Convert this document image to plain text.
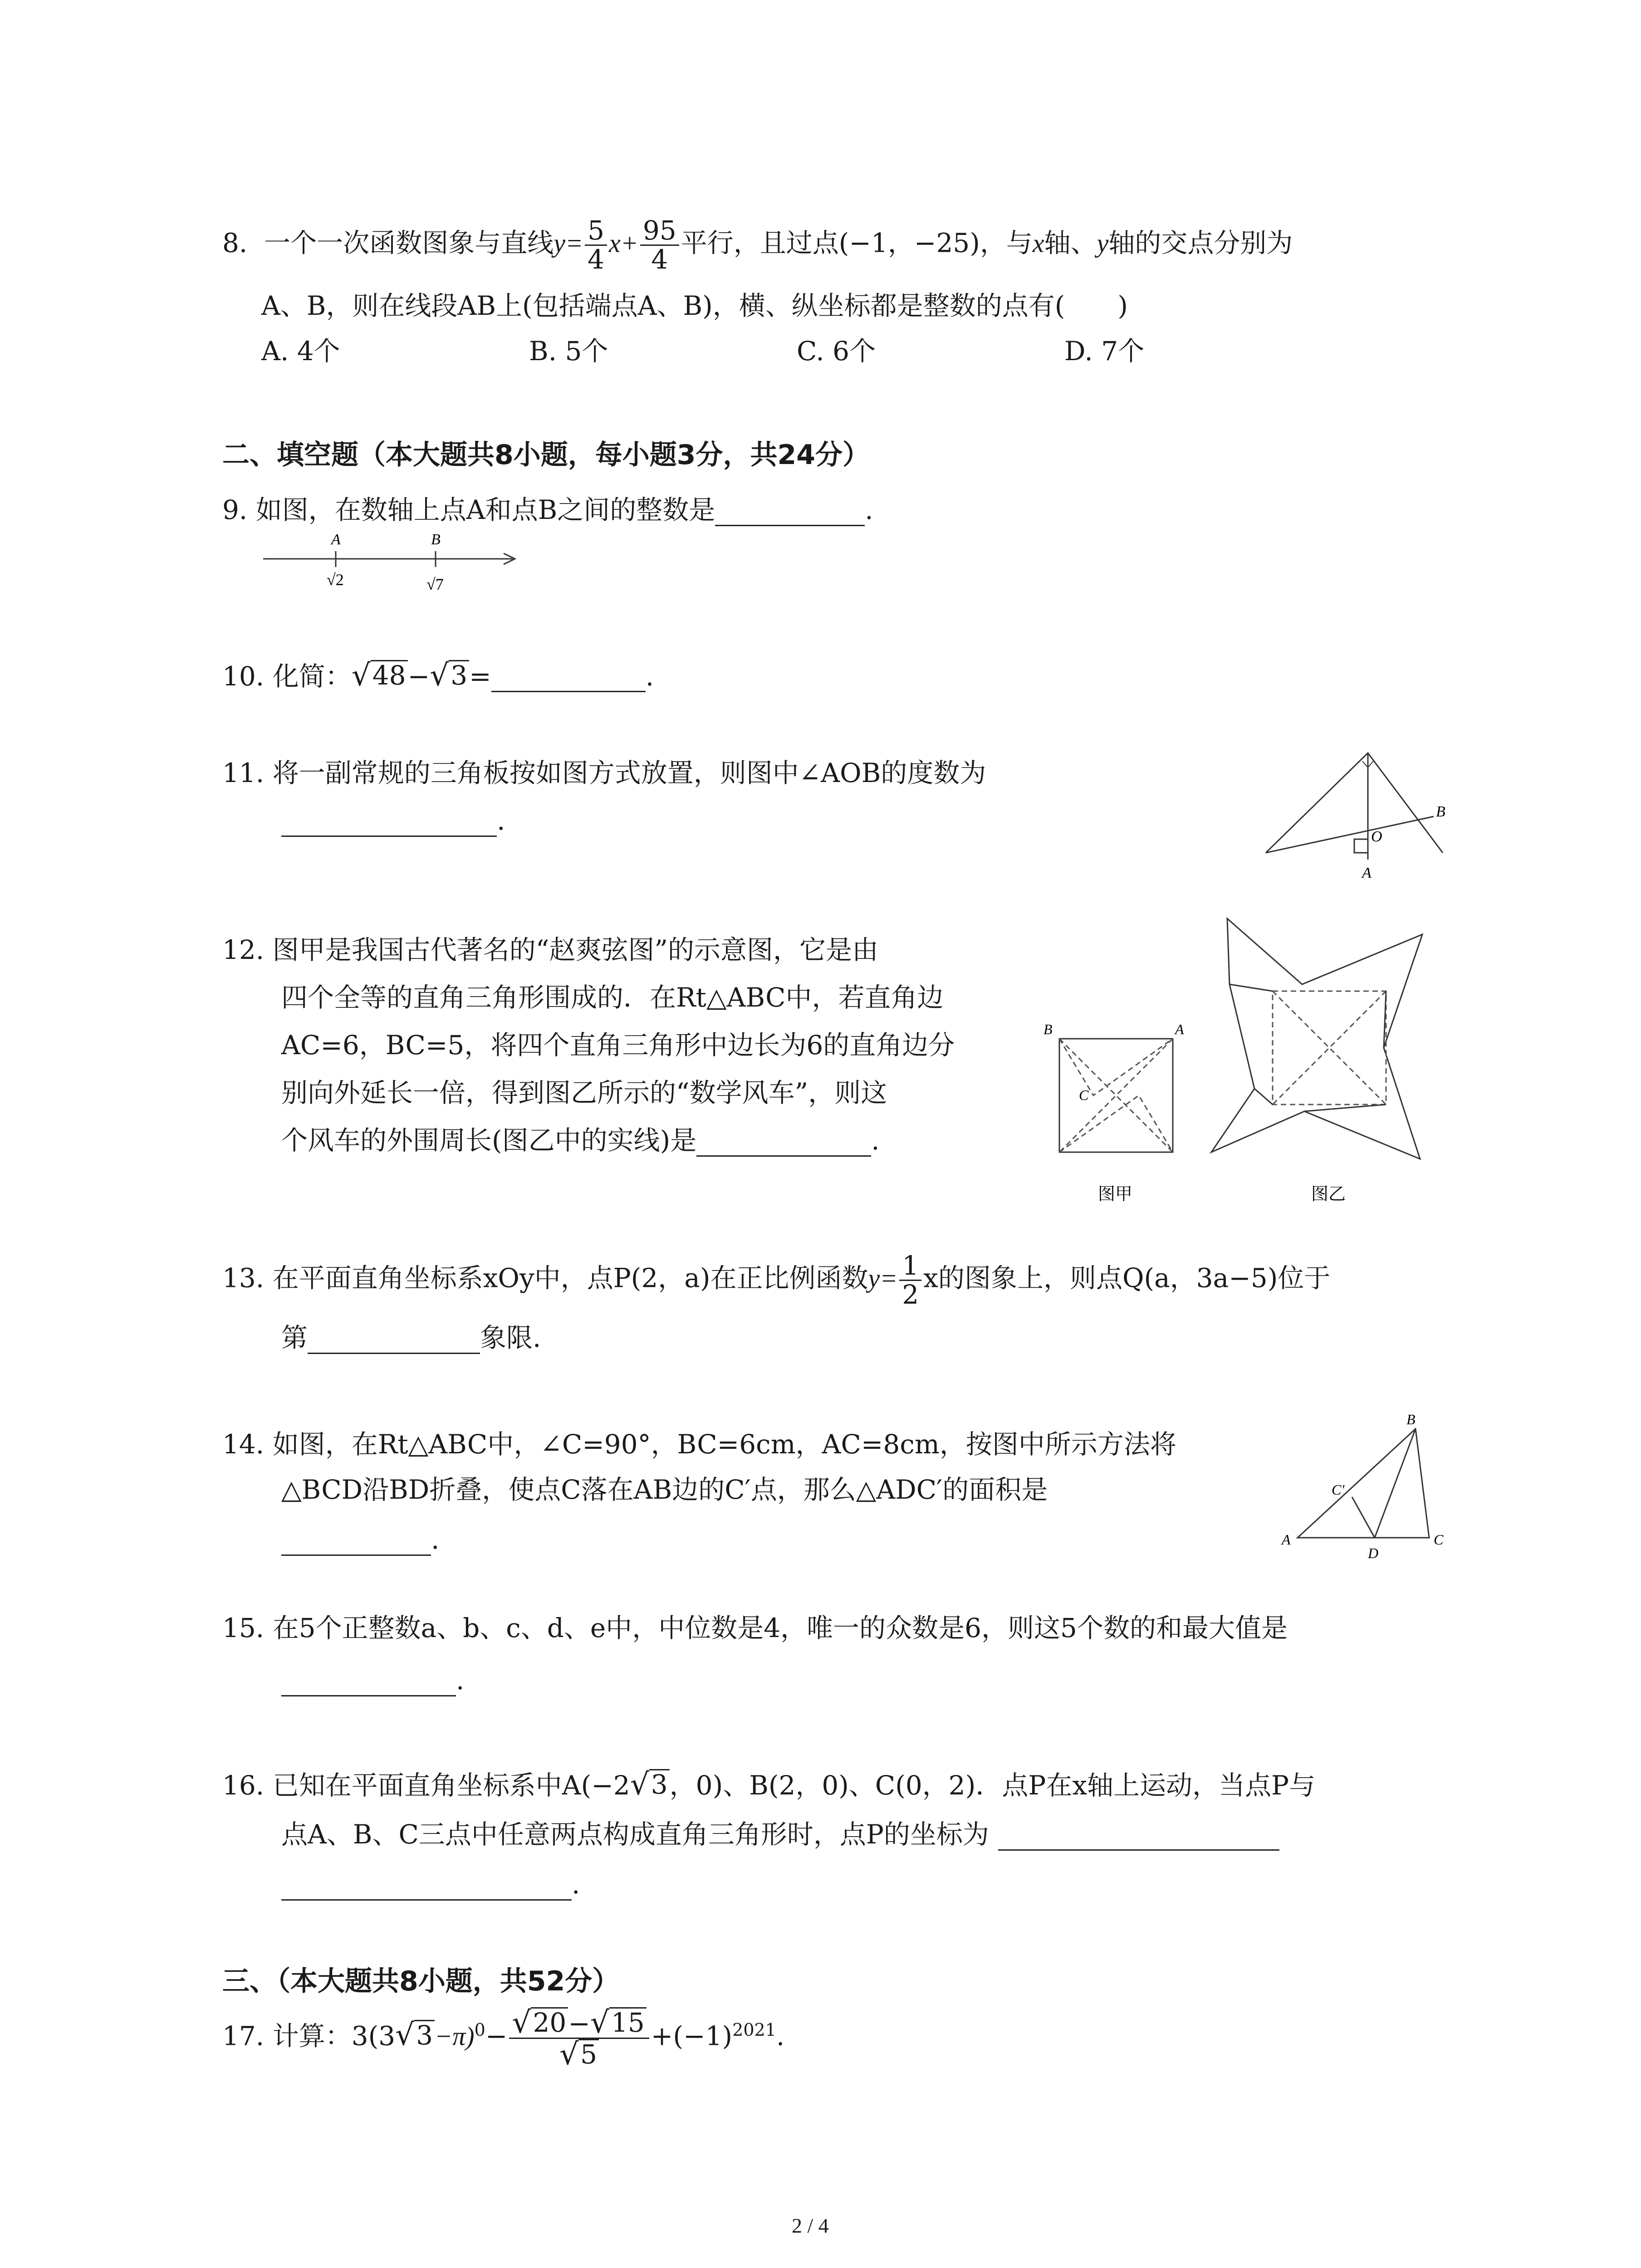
8. 一个一次函数图象与直线$y= \frac{5}{4} x+ \frac{95}{4}$ 平行，且过点(−1，−25)，与x轴、y轴的交点分别为
A、B，则在线段AB上(包括端点A、B)，横、纵坐标都是整数的点有(　　)
A. 4个	B. 5个	C. 6个	D. 7个
二、填空题（本大题共8小题，每小题3分，共24分）
9. 如图，在数轴上点A和点B之间的整数是	.
A	B
√2	√7
10. 化简： √ 48 − √ 3 =	.
11. 将一副常规的三角板按如图方式放置，则图中∠AOB的度数为
.
O
A
B
12. 图甲是我国古代著名的“赵爽弦图”的示意图，它是由
四个全等的直角三角形围成的．在Rt△ABC中，若直角边
AC=6，BC=5，将四个直角三角形中边长为6的直角边分
别向外延长一倍，得到图乙所示的“数学风车”，则这
个风车的外围周长(图乙中的实线)是	.
B	A
C
图甲	图乙
13. 在平面直角坐标系xOy中，点P(2，a)在正比例函数$y= \frac{1}{2}$ x的图象上，则点Q(a，3a−5)位于
第	象限.
14. 如图，在Rt△ABC中，∠C=90°，BC=6cm，AC=8cm，按图中所示方法将
△BCD沿BD折叠，使点C落在AB边的C′点，那么△ADC′的面积是
.	A
B
C
D
C′
15. 在5个正整数a、b、c、d、e中，中位数是4，唯一的众数是6，则这5个数的和最大值是
.
16. 已知在平面直角坐标系中A(−2 √ 3 ，0)、B(2，0)、C(0，2)．点P在x轴上运动，当点P与
点A、B、C三点中任意两点构成直角三角形时，点P的坐标为
.
三、（本大题共8小题，共52分）
17. 计算：3(3 √ $3 -\pi)^0- \frac{√ 20 - √ 15}{√ 5} +(-1)^{2021}$.
2 / 4
